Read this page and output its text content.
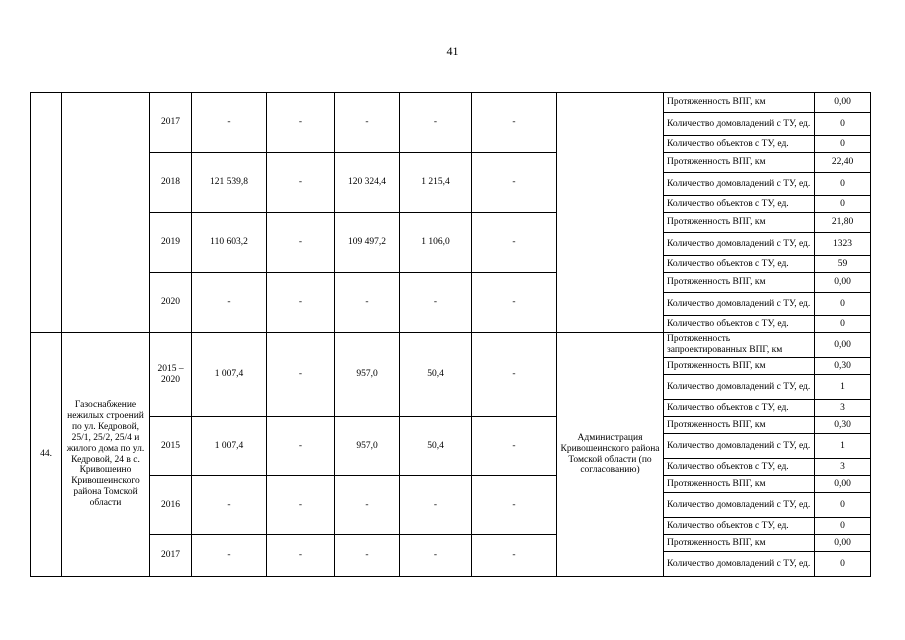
41
		2017	-	-	-	-	-		Протяженность ВПГ, км	0,00
									Количество домовладений с ТУ, ед.	0
									Количество объектов с ТУ, ед.	0
		2018	121 539,8	-	120 324,4	1 215,4	-		Протяженность ВПГ, км	22,40
									Количество домовладений с ТУ, ед.	0
									Количество объектов с ТУ, ед.	0
		2019	110 603,2	-	109 497,2	1 106,0	-		Протяженность ВПГ, км	21,80
									Количество домовладений с ТУ, ед.	1323
									Количество объектов с ТУ, ед.	59
		2020	-	-	-	-	-		Протяженность ВПГ, км	0,00
									Количество домовладений с ТУ, ед.	0
									Количество объектов с ТУ, ед.	0
44.	Газоснабжение нежилых строений по ул. Кедровой, 25/1, 25/2, 25/4 и жилого дома по ул. Кедровой, 24 в с. Кривошеино Кривошеинского района Томской области	2015 – 2020	1 007,4	-	957,0	50,4	-	Администрация Кривошеинского района Томской области (по согласованию)	Протяженность запроектированных ВПГ, км	0,00
									Протяженность ВПГ, км	0,30
									Количество домовладений с ТУ, ед.	1
									Количество объектов с ТУ, ед.	3
		2015	1 007,4	-	957,0	50,4	-		Протяженность ВПГ, км	0,30
									Количество домовладений с ТУ, ед.	1
									Количество объектов с ТУ, ед.	3
		2016	-	-	-	-	-		Протяженность ВПГ, км	0,00
									Количество домовладений с ТУ, ед.	0
									Количество объектов с ТУ, ед.	0
		2017	-	-	-	-	-		Протяженность ВПГ, км	0,00
									Количество домовладений с ТУ, ед.	0
